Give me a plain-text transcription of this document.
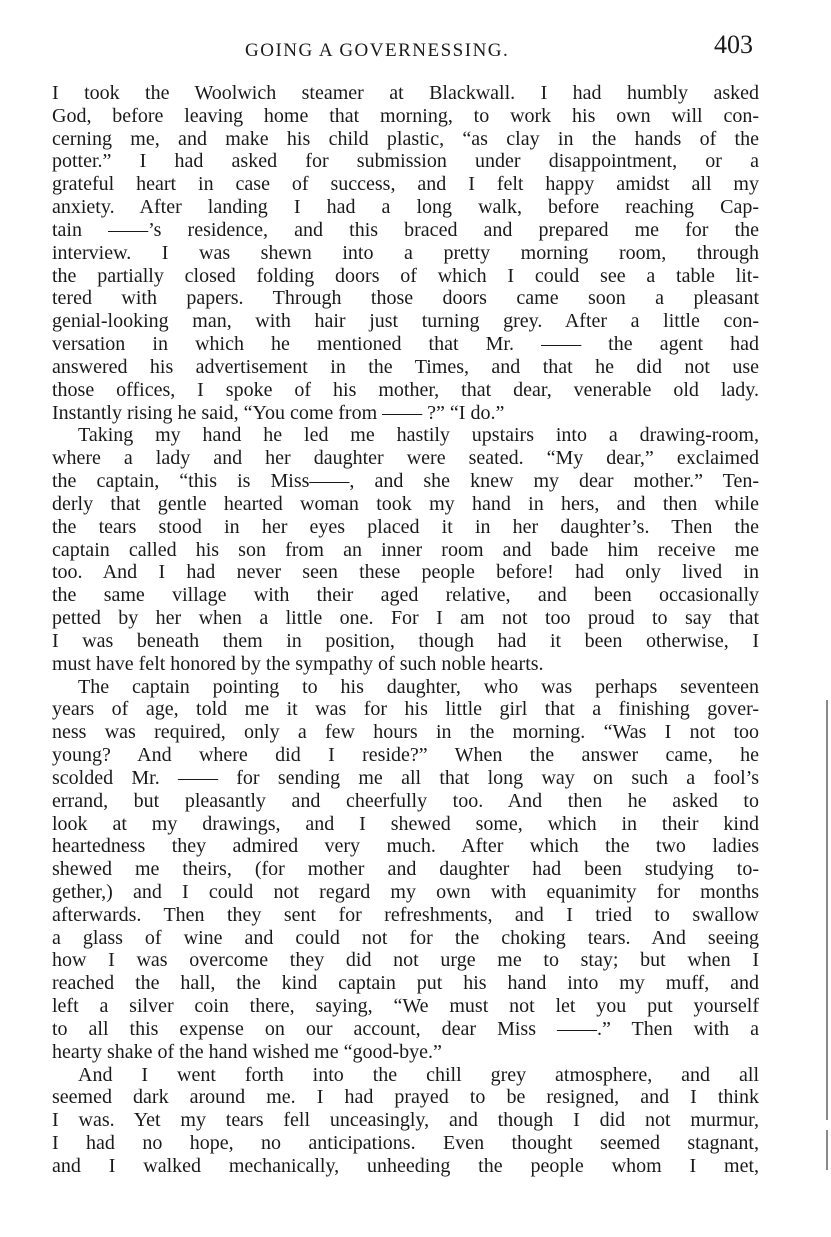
GOING A GOVERNESSING.	403
I took the Woolwich steamer at Blackwall. I had humbly asked
God, before leaving home that morning, to work his own will con-
cerning me, and make his child plastic, “as clay in the hands of the
potter.” I had asked for submission under disappointment, or a
grateful heart in case of success, and I felt happy amidst all my
anxiety. After landing I had a long walk, before reaching Cap-
tain ——’s residence, and this braced and prepared me for the
interview. I was shewn into a pretty morning room, through
the partially closed folding doors of which I could see a table lit-
tered with papers. Through those doors came soon a pleasant
genial-looking man, with hair just turning grey. After a little con-
versation in which he mentioned that Mr. —— the agent had
answered his advertisement in the Times, and that he did not use
those offices, I spoke of his mother, that dear, venerable old lady.
Instantly rising he said, “You come from —— ?” “I do.”
Taking my hand he led me hastily upstairs into a drawing-room,
where a lady and her daughter were seated. “My dear,” exclaimed
the captain, “this is Miss——, and she knew my dear mother.” Ten-
derly that gentle hearted woman took my hand in hers, and then while
the tears stood in her eyes placed it in her daughter’s. Then the
captain called his son from an inner room and bade him receive me
too. And I had never seen these people before! had only lived in
the same village with their aged relative, and been occasionally
petted by her when a little one. For I am not too proud to say that
I was beneath them in position, though had it been otherwise, I
must have felt honored by the sympathy of such noble hearts.
The captain pointing to his daughter, who was perhaps seventeen
years of age, told me it was for his little girl that a finishing gover-
ness was required, only a few hours in the morning. “Was I not too
young? And where did I reside?” When the answer came, he
scolded Mr. —— for sending me all that long way on such a fool’s
errand, but pleasantly and cheerfully too. And then he asked to
look at my drawings, and I shewed some, which in their kind
heartedness they admired very much. After which the two ladies
shewed me theirs, (for mother and daughter had been studying to-
gether,) and I could not regard my own with equanimity for months
afterwards. Then they sent for refreshments, and I tried to swallow
a glass of wine and could not for the choking tears. And seeing
how I was overcome they did not urge me to stay; but when I
reached the hall, the kind captain put his hand into my muff, and
left a silver coin there, saying, “We must not let you put yourself
to all this expense on our account, dear Miss ——.” Then with a
hearty shake of the hand wished me “good-bye.”
And I went forth into the chill grey atmosphere, and all
seemed dark around me. I had prayed to be resigned, and I think
I was. Yet my tears fell unceasingly, and though I did not murmur,
I had no hope, no anticipations. Even thought seemed stagnant,
and I walked mechanically, unheeding the people whom I met,
